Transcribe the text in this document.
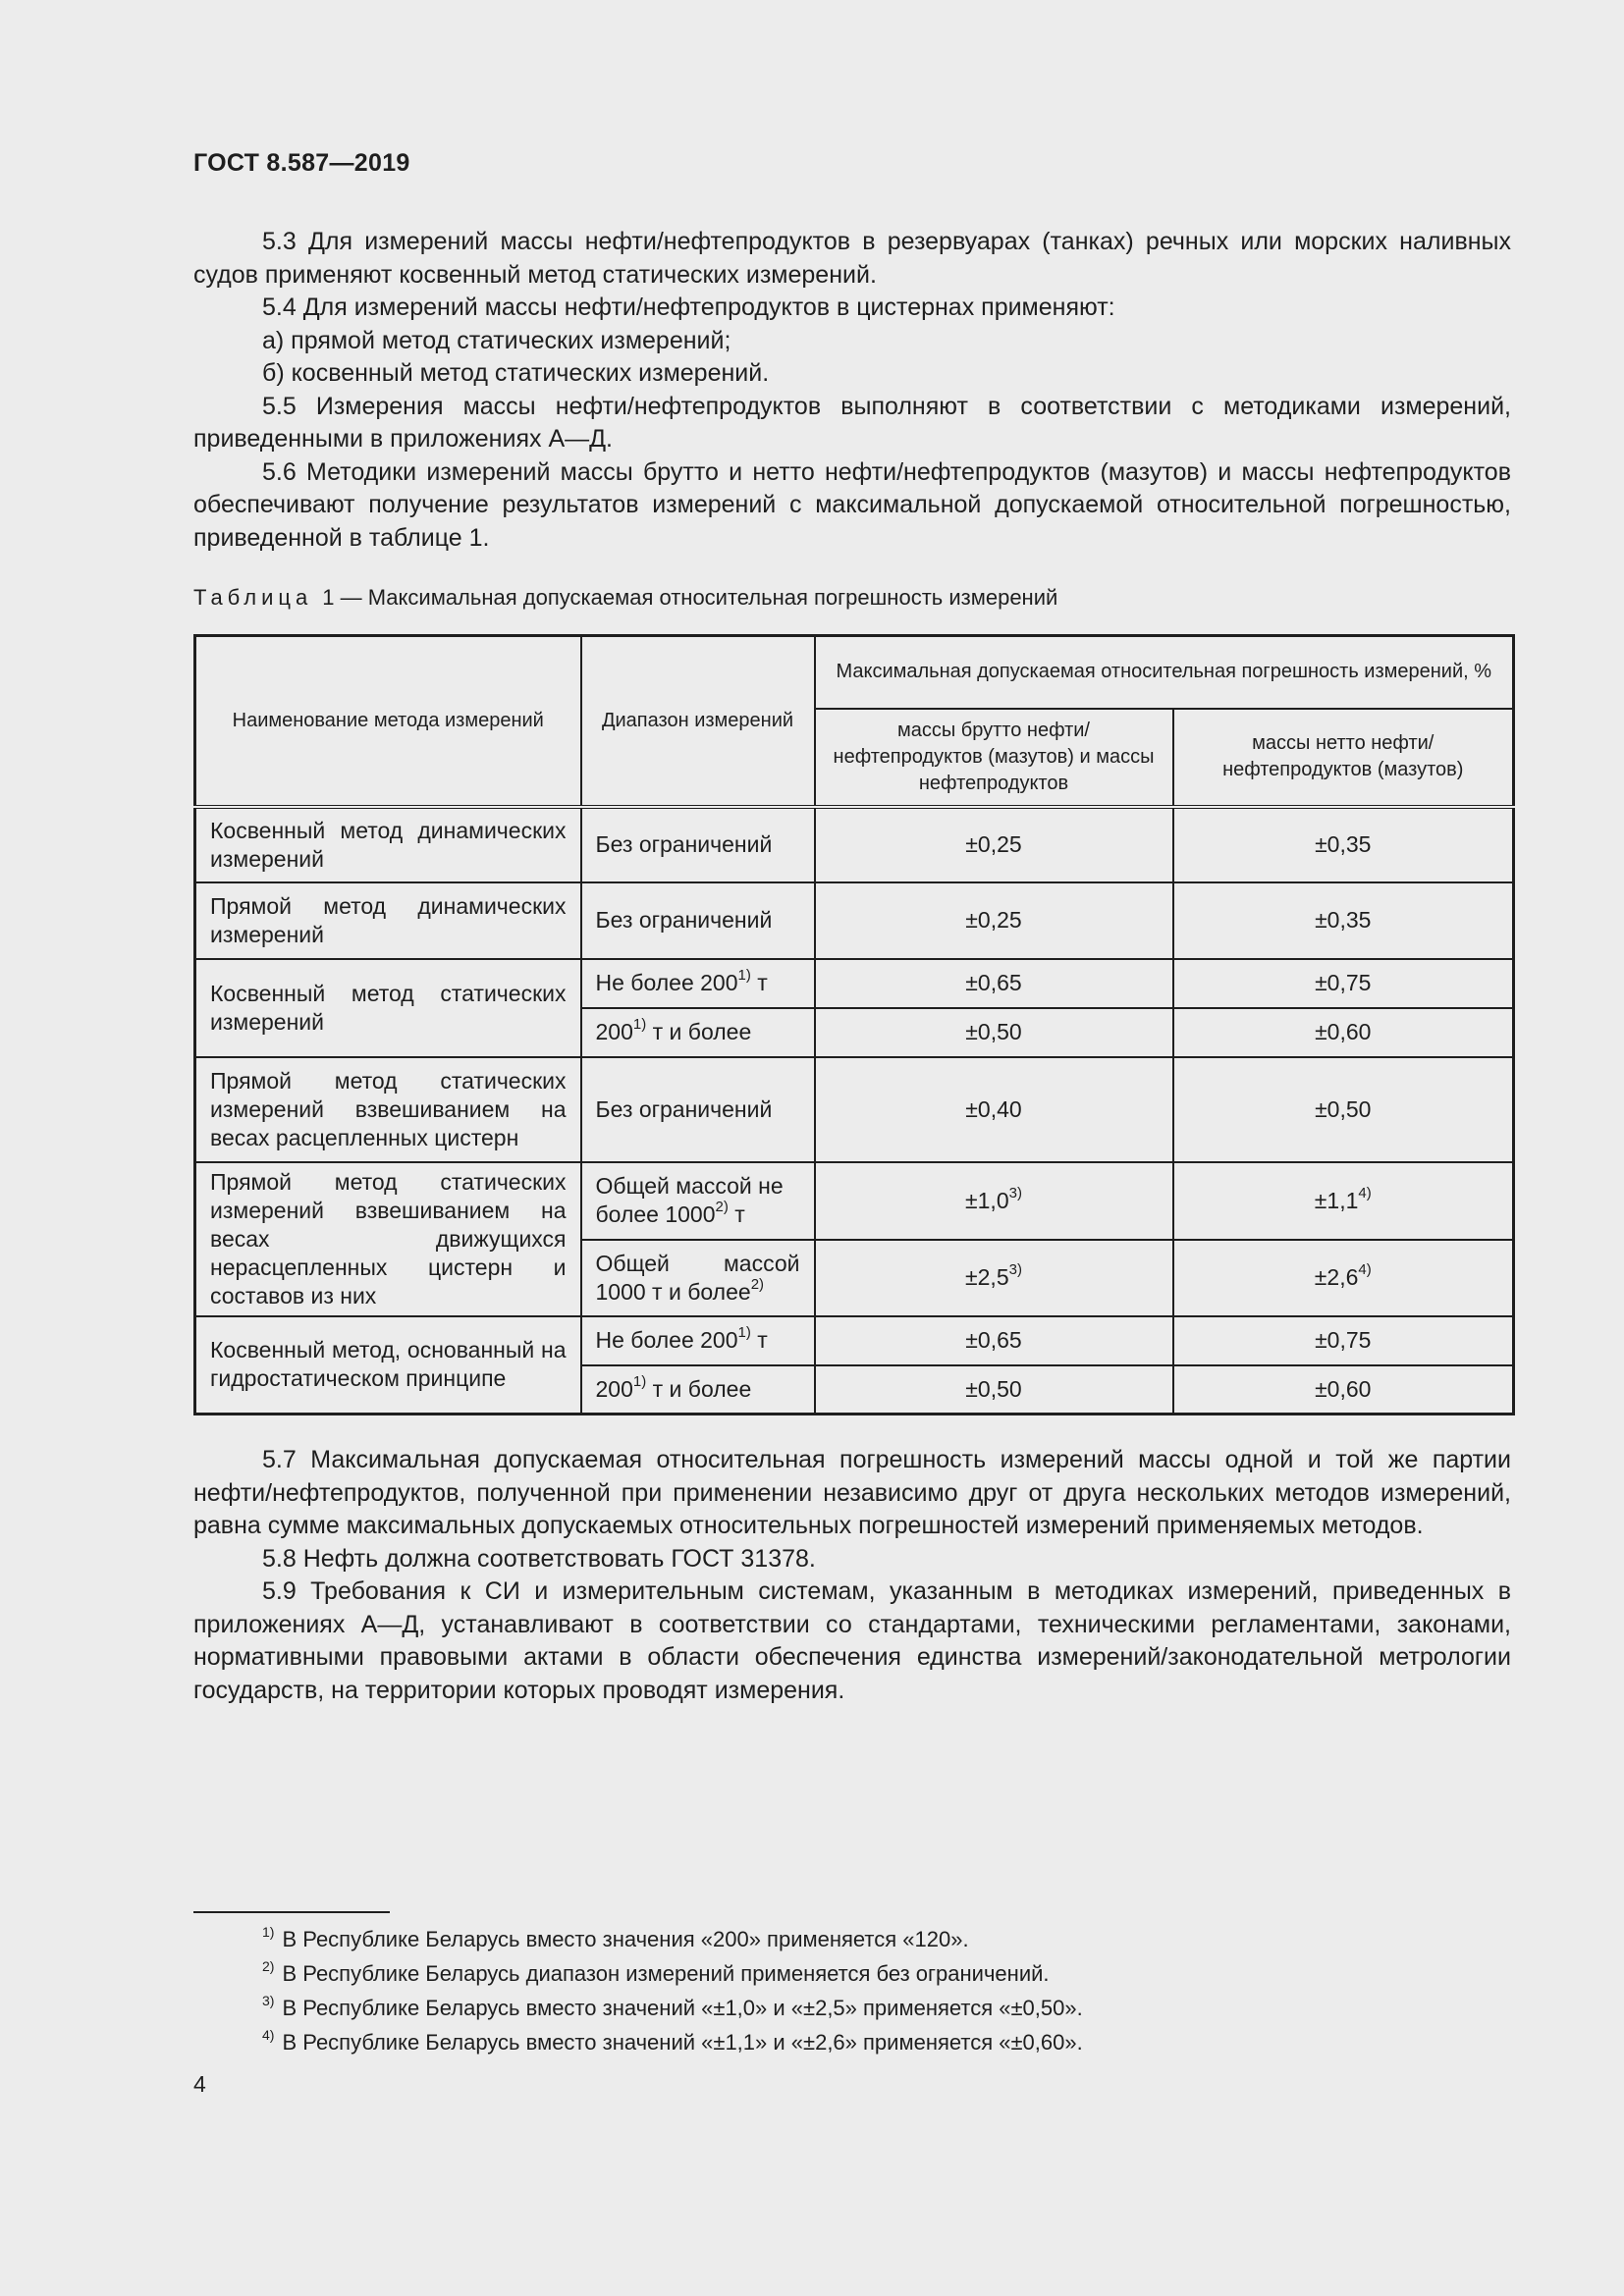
ГОСТ 8.587—2019

5.3 Для измерений массы нефти/нефтепродуктов в резервуарах (танках) речных или морских наливных судов применяют косвенный метод статических измерений.

5.4 Для измерений массы нефти/нефтепродуктов в цистернах применяют:

а) прямой метод статических измерений;

б) косвенный метод статических измерений.

5.5 Измерения массы нефти/нефтепродуктов выполняют в соответствии с методиками измерений, приведенными в приложениях А—Д.

5.6 Методики измерений массы брутто и нетто нефти/нефтепродуктов (мазутов) и массы нефтепродуктов обеспечивают получение результатов измерений с максимальной допускаемой относительной погрешностью, приведенной в таблице 1.

Таблица 1 — Максимальная допускаемая относительная погрешность измерений
Наименование метода измерений	Диапазон измерений	Максимальная допускаемая относительная погрешность измерений, %	
		массы брутто нефти/ нефтепродуктов (мазутов) и массы нефтепродуктов	массы нетто нефти/ нефтепродуктов (мазутов)
Косвенный метод динамических измерений	Без ограничений	±0,25	±0,35
Прямой метод динамических измерений	Без ограничений	±0,25	±0,35
Косвенный метод статических измерений	Не более 200$^{1)}$ т	±0,65	±0,75
	200$^{1)}$ т и более	±0,50	±0,60
Прямой метод статических измерений взвешиванием на весах расцепленных цистерн	Без ограничений	±0,40	±0,50
Прямой метод статических измерений взвешиванием на весах движущихся нерасцепленных цистерн и составов из них	Общей массой не более 1000$^{2)}$ т	$\pm 1,0^{3)}$	$\pm 1,1^{4)}$
	Общей массой 1000 т и более$^{2)}$	$\pm 2,5^{3)}$	$\pm 2,6^{4)}$
Косвенный метод, основанный на гидростатическом принципе	Не более 200$^{1)}$ т	±0,65	±0,75
	200$^{1)}$ т и более	±0,50	±0,60

5.7 Максимальная допускаемая относительная погрешность измерений массы одной и той же партии нефти/нефтепродуктов, полученной при применении независимо друг от друга нескольких методов измерений, равна сумме максимальных допускаемых относительных погрешностей измерений применяемых методов.

5.8 Нефть должна соответствовать ГОСТ 31378.

5.9 Требования к СИ и измерительным системам, указанным в методиках измерений, приведенных в приложениях А—Д, устанавливают в соответствии со стандартами, техническими регламентами, законами, нормативными правовыми актами в области обеспечения единства измерений/законодательной метрологии государств, на территории которых проводят измерения.

$^{1)}$ В Республике Беларусь вместо значения «200» применяется «120».
$^{2)}$ В Республике Беларусь диапазон измерений применяется без ограничений.
$^{3)}$ В Республике Беларусь вместо значений «±1,0» и «±2,5» применяется «±0,50».
$^{4)}$ В Республике Беларусь вместо значений «±1,1» и «±2,6» применяется «±0,60».
4
